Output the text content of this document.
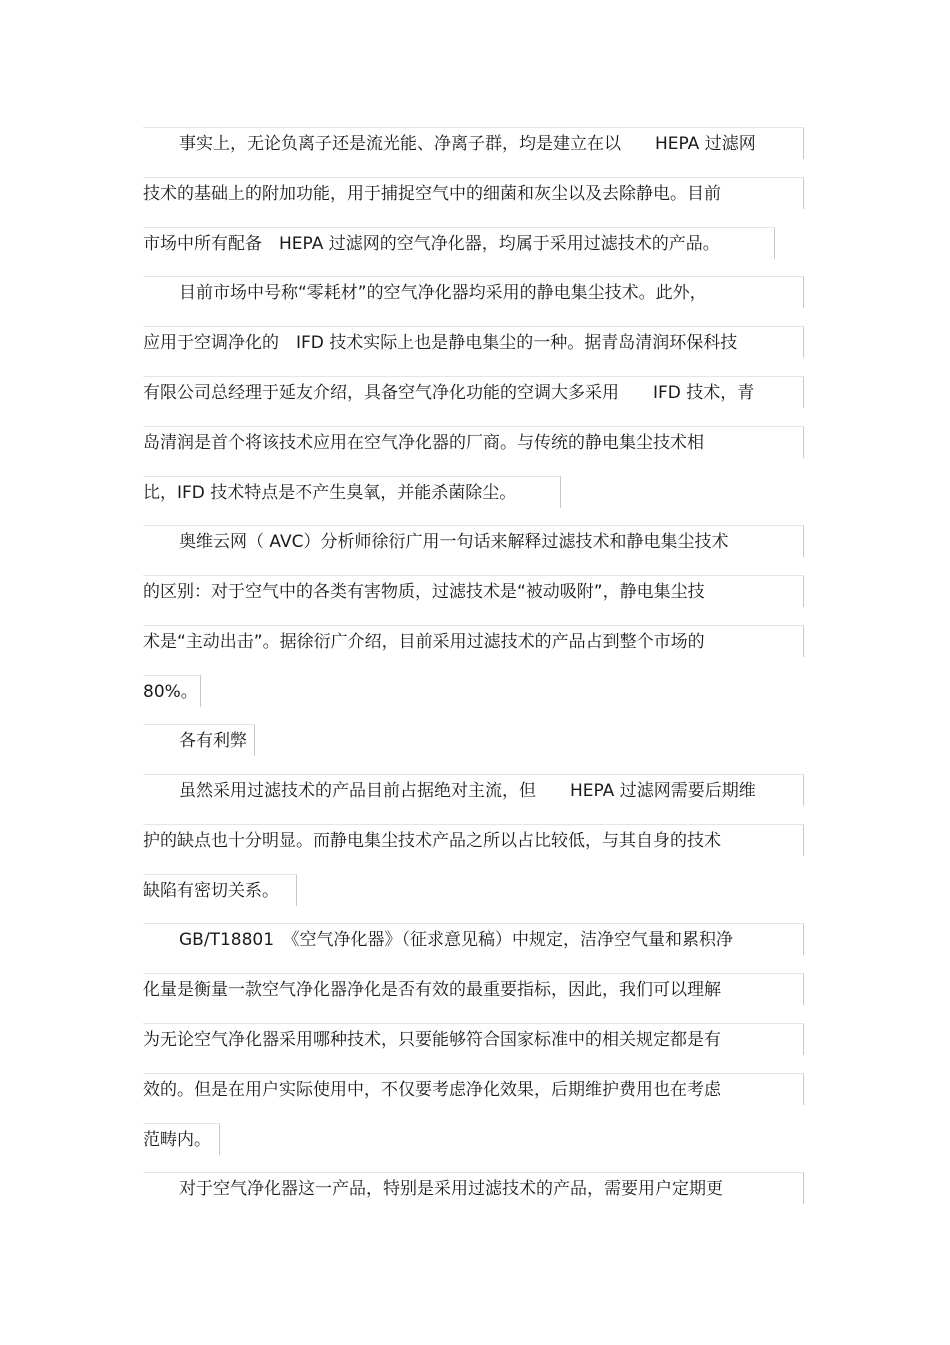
事实上，无论负离子还是流光能、净离子群，均是建立在以　　HEPA 过滤网
技术的基础上的附加功能，用于捕捉空气中的细菌和灰尘以及去除静电。目前
市场中所有配备　HEPA 过滤网的空气净化器，均属于采用过滤技术的产品。
目前市场中号称“零耗材”的空气净化器均采用的静电集尘技术。此外，
应用于空调净化的　IFD 技术实际上也是静电集尘的一种。据青岛清润环保科技
有限公司总经理于延友介绍，具备空气净化功能的空调大多采用　　IFD 技术，青
岛清润是首个将该技术应用在空气净化器的厂商。与传统的静电集尘技术相
比，IFD 技术特点是不产生臭氧，并能杀菌除尘。
奥维云网（ AVC）分析师徐衍广用一句话来解释过滤技术和静电集尘技术
的区别：对于空气中的各类有害物质，过滤技术是“被动吸附”，静电集尘技
术是“主动出击”。据徐衍广介绍，目前采用过滤技术的产品占到整个市场的
80%。
各有利弊
虽然采用过滤技术的产品目前占据绝对主流，但　　HEPA 过滤网需要后期维
护的缺点也十分明显。而静电集尘技术产品之所以占比较低，与其自身的技术
缺陷有密切关系。
GB/T18801　《空气净化器》（征求意见稿）中规定，洁净空气量和累积净
化量是衡量一款空气净化器净化是否有效的最重要指标，因此，我们可以理解
为无论空气净化器采用哪种技术，只要能够符合国家标准中的相关规定都是有
效的。但是在用户实际使用中，不仅要考虑净化效果，后期维护费用也在考虑
范畴内。
对于空气净化器这一产品，特别是采用过滤技术的产品，需要用户定期更
